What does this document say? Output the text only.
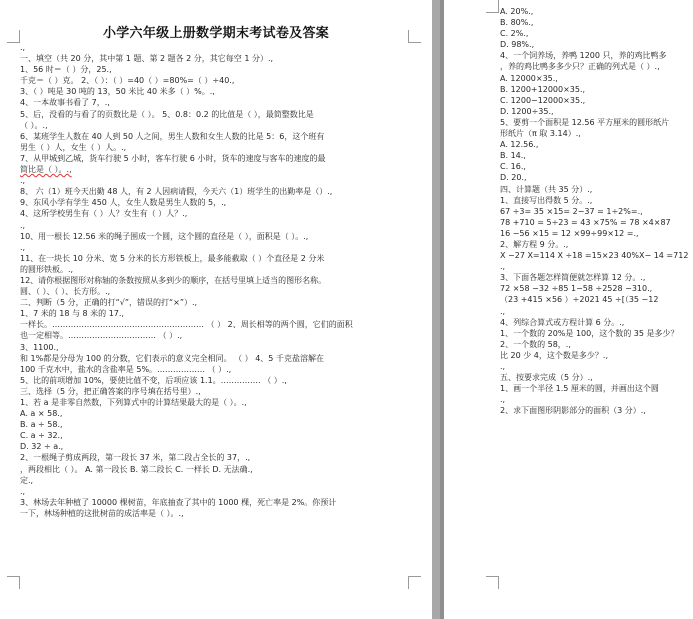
小学六年级上册数学期末考试卷及答案
.,
一、填空（共 20 分，其中第 1 题、第 2 题各 2 分，其它每空 1 分）.,
1、56 时＝（ ）分，25.,
千克＝（ ）克。 2、（ ）：（ ）=40（ ）=80%=（ ）÷40.,
3、（ ）吨是 30 吨的 13，50 米比 40 米多（ ）%。.,
4、一本故事书看了 7，.,
5、后，没看的与看了的页数比是（ ）。 5、0.8：0.2 的比值是（ ），最简整数比是
（ ）。.,
6、某班学生人数在 40 人到 50 人之间，男生人数和女生人数的比是 5：6，这个班有
男生（ ）人，女生（ ）人。.,
7、从甲城到乙城，货车行驶 5 小时，客车行驶 6 小时，货车的速度与客车的速度的最
简比是（ ）。.,
.,
8、 六（1）班今天出勤 48 人，有 2 人因病请假，今天六（1）班学生的出勤率是（）.,
9、东风小学有学生 450 人，女生人数是男生人数的 5，.,
4、这所学校男生有（ ）人？女生有（ ）人？.,
.,
10、用一根长 12.56 米的绳子围成一个圆，这个圆的直径是（ ），面积是（ ）。.,
.,
11、在一块长 10 分米、宽 5 分米的长方形铁板上，最多能截取（ ）个直径是 2 分米
的圆形铁板。.,
12、请你根据图形对称轴的条数按照从多到少的顺序，在括号里填上适当的图形名称。
圆、（ ）、（ ）、长方形。.,
二、判断（5 分，正确的打“√”，错误的打“×”）.,
1、7 米的 18 与 8 米的 17.,
一样长。………………………………………………… （ ） 2、周长相等的两个圆，它们的面积
也一定相等。…………………………… （ ）.,
3、1100.,
和 1%都是分母为 100 的分数，它们表示的意义完全相同。 （ ） 4、5 千克盐溶解在
100 千克水中，盐水的含盐率是 5%。……………… （ ）.,
5、比的前项增加 10%，要使比值不变，后项应该 1.1。…………… （ ）.,
三、选择（5 分，把正确答案的序号填在括号里）.,
1、若 a 是非零自然数，下列算式中的计算结果最大的是（ ）。.,
A. a × 58.,
B. a ÷ 58.,
C. a ÷ 32.,
D. 32 ÷ a.,
2、一根绳子剪成两段，第一段长 37 米，第二段占全长的 37，.,
，两段相比（ ）。 A. 第一段长 B. 第二段长 C. 一样长 D. 无法确.,
定.,
.,
3、林场去年种植了 10000 棵树苗，年底抽查了其中的 1000 棵，死亡率是 2%。你预计
一下，林场种植的这批树苗的成活率是（ ）。.,
A. 20%.,
B. 80%.,
C. 2%.,
D. 98%.,
4、一个饲养场，养鸭 1200 只，养的鸡比鸭多
，养的鸡比鸭多多少只？正确的列式是（ ）.,
A. 12000×35.,
B. 1200+12000×35.,
C. 1200−12000×35.,
D. 1200÷35.,
5、要剪一个面积是 12.56 平方厘米的圆形纸片
形纸片（π 取 3.14）.,
A. 12.56.,
B. 14.,
C. 16.,
D. 20.,
四、计算题（共 35 分）.,
1、直接写出得数 5 分。.,
67 ÷3= 35 ×15= 2−37 = 1÷2%=.,
78 +710 = 5÷23 = 43 ×75% = 78 ×4×87
16 −56 ×15 = 12 ×99÷99×12 =.,
2、解方程 9 分。.,
X −27 X=114 X ÷18 =15×23 40%X− 14 =712
.,
3、下面各题怎样简便就怎样算 12 分。.,
72 ×58 −32 ÷85 1−58 ÷2528 −310.,
（23 +415 ×56 ）÷2021 45 ÷[（35 −12
.,
4、列综合算式或方程计算 6 分。.,
1、一个数的 20%是 100，这个数的 35 是多少？
2、一个数的 58，.,
比 20 少 4，这个数是多少？.,
.,
五、按要求完成（5 分）.,
1、画一个半径 1.5 厘米的圆，并画出这个圆
.,
2、求下面图形阴影部分的面积（3 分）.,
